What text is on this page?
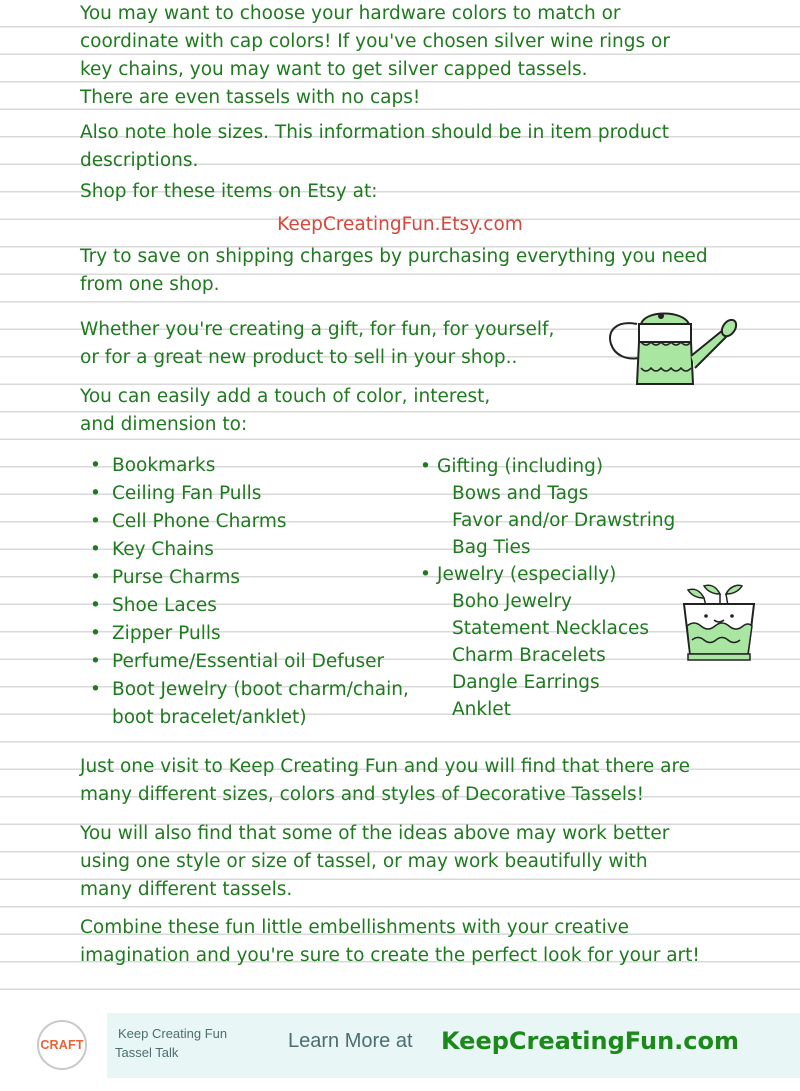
You may want to choose your hardware colors to match or

coordinate with cap colors! If you've chosen silver wine rings or

key chains, you may want to get silver capped tassels.

There are even tassels with no caps!

Also note hole sizes. This information should be in item product

descriptions.

Shop for these items on Etsy at:

KeepCreatingFun.Etsy.com

Try to save on shipping charges by purchasing everything you need

from one shop.

Whether you're creating a gift, for fun, for yourself,

or for a great new product to sell in your shop..

You can easily add a touch of color, interest,

and dimension to:

• Bookmarks
• Ceiling Fan Pulls
• Cell Phone Charms
• Key Chains
• Purse Charms
• Shoe Laces
• Zipper Pulls
• Perfume/Essential oil Defuser
• Boot Jewelry (boot charm/chain,
boot bracelet/anklet)
• Gifting (including)
Bows and Tags
Favor and/or Drawstring
Bag Ties
• Jewelry (especially)
Boho Jewelry
Statement Necklaces
Charm Bracelets
Dangle Earrings
Anklet

Just one visit to Keep Creating Fun and you will find that there are

many different sizes, colors and styles of Decorative Tassels!

You will also find that some of the ideas above may work better

using one style or size of tassel, or may work beautifully with

many different tassels.

Combine these fun little embellishments with your creative

imagination and you're sure to create the perfect look for your art!

CRAFT
Keep Creating Fun
Tassel Talk
Learn More at KeepCreatingFun.com
